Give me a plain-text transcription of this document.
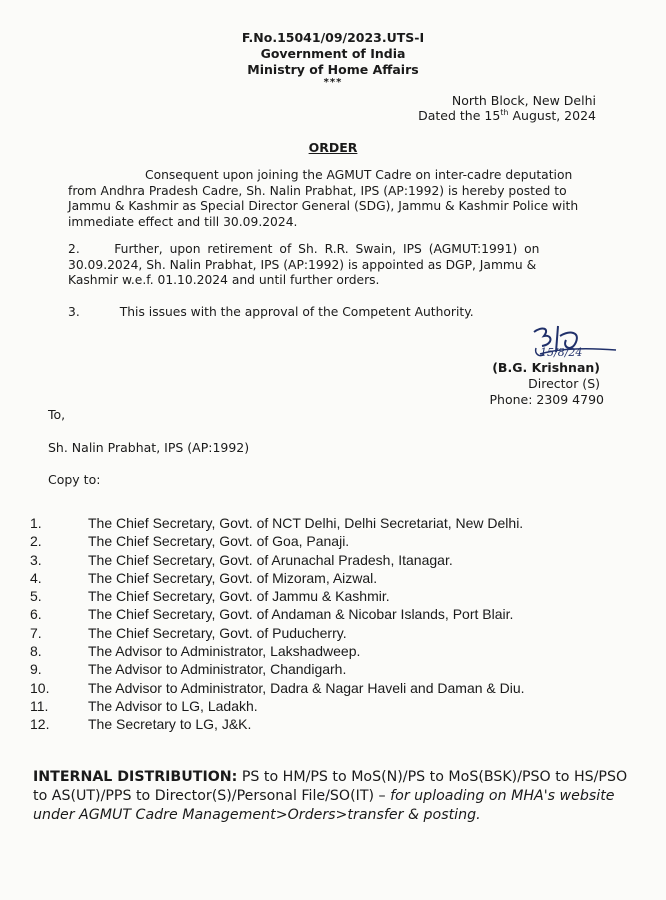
F.No.15041/09/2023.UTS-I
Government of India
Ministry of Home Affairs
***
North Block, New Delhi
Dated the 15th August, 2024
ORDER
Consequent upon joining the AGMUT Cadre on inter-cadre deputation
from Andhra Pradesh Cadre, Sh. Nalin Prabhat, IPS (AP:1992) is hereby posted to
Jammu & Kashmir as Special Director General (SDG), Jammu & Kashmir Police with
immediate effect and till 30.09.2024.
2.	Further, upon retirement of Sh. R.R. Swain, IPS (AGMUT:1991) on
30.09.2024, Sh. Nalin Prabhat, IPS (AP:1992) is appointed as DGP, Jammu &
Kashmir w.e.f. 01.10.2024 and until further orders.
3.	This issues with the approval of the Competent Authority.
15/8/24
(B.G. Krishnan)
Director (S)
Phone: 2309 4790
To,
Sh. Nalin Prabhat, IPS (AP:1992)
Copy to:
1.	The Chief Secretary, Govt. of NCT Delhi, Delhi Secretariat, New Delhi.
2.	The Chief Secretary, Govt. of Goa, Panaji.
3.	The Chief Secretary, Govt. of Arunachal Pradesh, Itanagar.
4.	The Chief Secretary, Govt. of Mizoram, Aizwal.
5.	The Chief Secretary, Govt. of Jammu & Kashmir.
6.	The Chief Secretary, Govt. of Andaman & Nicobar Islands, Port Blair.
7.	The Chief Secretary, Govt. of Puducherry.
8.	The Advisor to Administrator, Lakshadweep.
9.	The Advisor to Administrator, Chandigarh.
10.	The Advisor to Administrator, Dadra & Nagar Haveli and Daman & Diu.
11.	The Advisor to LG, Ladakh.
12.	The Secretary to LG, J&K.
INTERNAL DISTRIBUTION: PS to HM/PS to MoS(N)/PS to MoS(BSK)/PSO to HS/PSO to AS(UT)/PPS to Director(S)/Personal File/SO(IT) – for uploading on MHA's website under AGMUT Cadre Management>Orders>transfer & posting.
